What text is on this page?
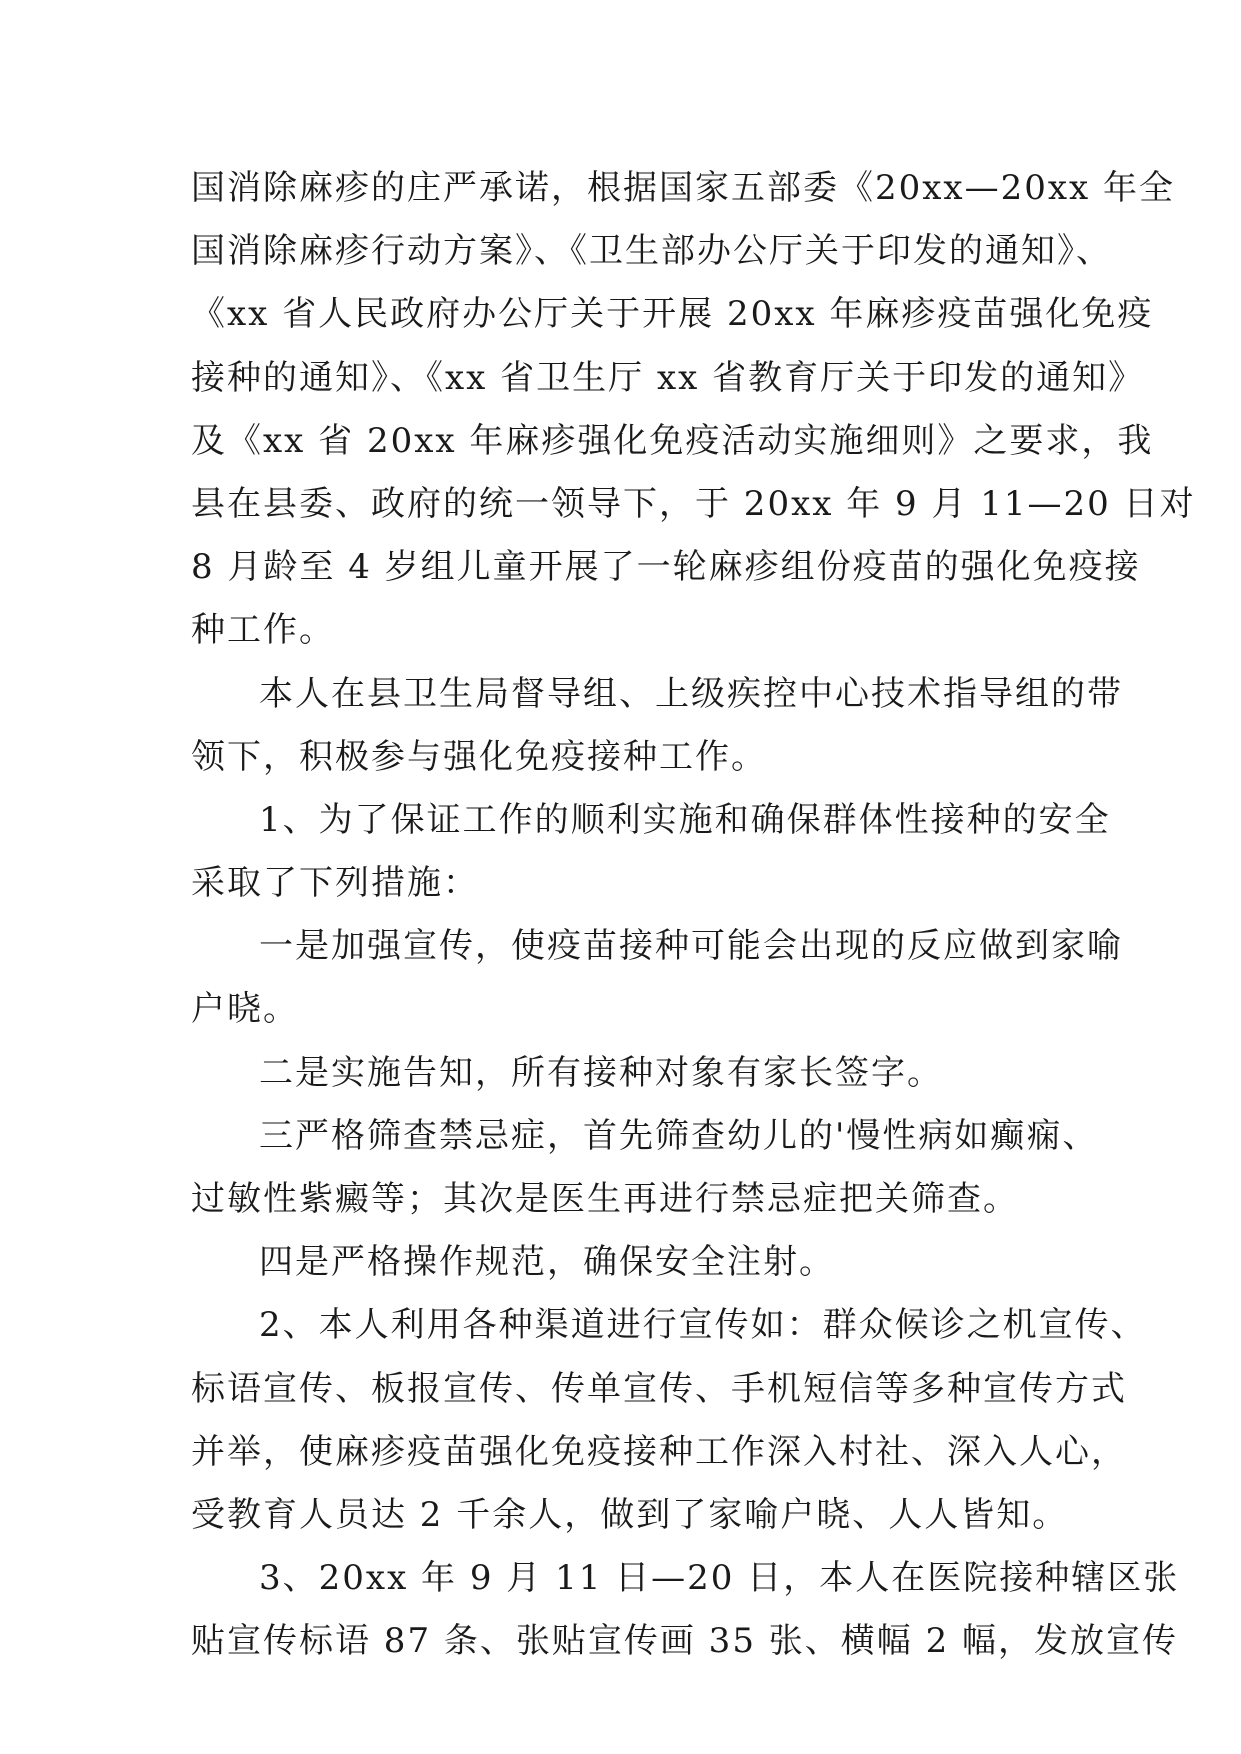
国消除麻疹的庄严承诺，根据国家五部委《20xx—20xx 年全
国消除麻疹行动方案》、《卫生部办公厅关于印发的通知》、
《xx 省人民政府办公厅关于开展 20xx 年麻疹疫苗强化免疫
接种的通知》、《xx 省卫生厅 xx 省教育厅关于印发的通知》
及《xx 省 20xx 年麻疹强化免疫活动实施细则》之要求，我
县在县委、政府的统一领导下，于 20xx 年 9 月 11—20 日对
8 月龄至 4 岁组儿童开展了一轮麻疹组份疫苗的强化免疫接
种工作。
本人在县卫生局督导组、上级疾控中心技术指导组的带
领下，积极参与强化免疫接种工作。
1、为了保证工作的顺利实施和确保群体性接种的安全
采取了下列措施：
一是加强宣传，使疫苗接种可能会出现的反应做到家喻
户晓。
二是实施告知，所有接种对象有家长签字。
三严格筛查禁忌症，首先筛查幼儿的'慢性病如癫痫、
过敏性紫癜等；其次是医生再进行禁忌症把关筛查。
四是严格操作规范，确保安全注射。
2、本人利用各种渠道进行宣传如：群众候诊之机宣传、
标语宣传、板报宣传、传单宣传、手机短信等多种宣传方式
并举，使麻疹疫苗强化免疫接种工作深入村社、深入人心，
受教育人员达 2 千余人，做到了家喻户晓、人人皆知。
3、20xx 年 9 月 11 日—20 日，本人在医院接种辖区张
贴宣传标语 87 条、张贴宣传画 35 张、横幅 2 幅，发放宣传
